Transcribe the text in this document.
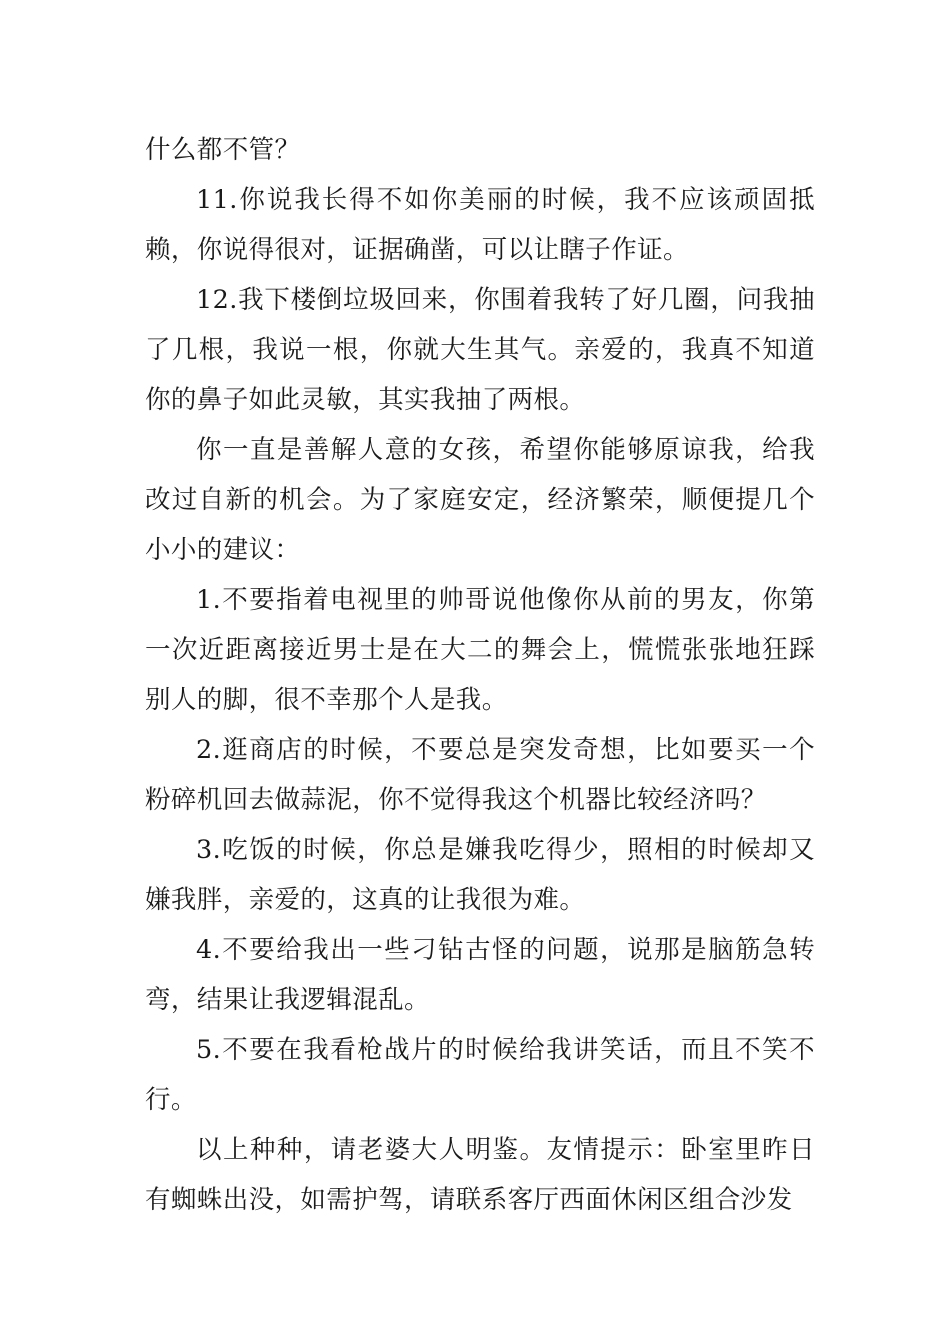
什么都不管？

11.你说我长得不如你美丽的时候，我不应该顽固抵赖，你说得很对，证据确凿，可以让瞎子作证。

12.我下楼倒垃圾回来，你围着我转了好几圈，问我抽了几根，我说一根，你就大生其气。亲爱的，我真不知道你的鼻子如此灵敏，其实我抽了两根。

你一直是善解人意的女孩，希望你能够原谅我，给我改过自新的机会。为了家庭安定，经济繁荣，顺便提几个小小的建议：

1.不要指着电视里的帅哥说他像你从前的男友，你第一次近距离接近男士是在大二的舞会上，慌慌张张地狂踩别人的脚，很不幸那个人是我。

2.逛商店的时候，不要总是突发奇想，比如要买一个粉碎机回去做蒜泥，你不觉得我这个机器比较经济吗？

3.吃饭的时候，你总是嫌我吃得少，照相的时候却又嫌我胖，亲爱的，这真的让我很为难。

4.不要给我出一些刁钻古怪的问题，说那是脑筋急转弯，结果让我逻辑混乱。

5.不要在我看枪战片的时候给我讲笑话，而且不笑不行。

以上种种，请老婆大人明鉴。友情提示：卧室里昨日有蜘蛛出没，如需护驾，请联系客厅西面休闲区组合沙发
